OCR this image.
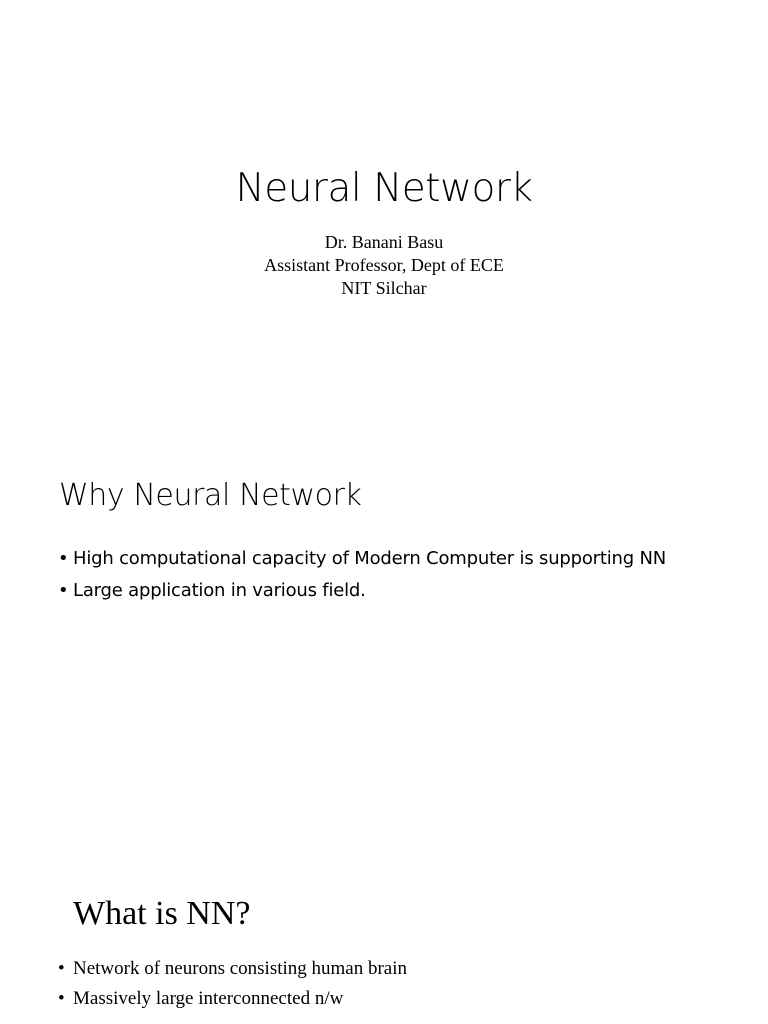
Neural Network
Dr. Banani Basu
Assistant Professor, Dept of ECE
NIT Silchar
Why Neural Network
• High computational capacity of Modern Computer is supporting NN
• Large application in various field.
What is NN?
• Network of neurons consisting human brain
• Massively large interconnected n/w
